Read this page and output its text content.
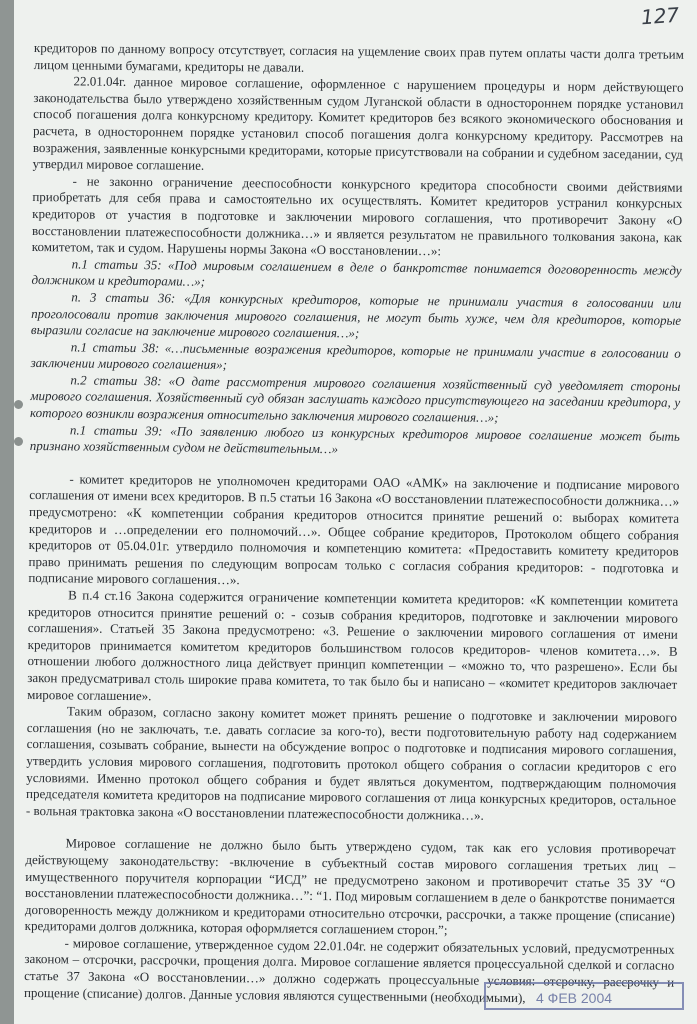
127

кредиторов по данному вопросу отсутствует, согласия на ущемление своих прав путем оплаты части долга третьим лицом ценными бумагами, кредиторы не давали.

22.01.04г. данное мировое соглашение, оформленное с нарушением процедуры и норм действующего законодательства было утверждено хозяйственным судом Луганской области в одностороннем порядке установил способ погашения долга конкурсному кредитору. Комитет кредиторов без всякого экономического обоснования и расчета, в одностороннем порядке установил способ погашения долга конкурсному кредитору. Рассмотрев на возражения, заявленные конкурсными кредиторами, которые присутствовали на собрании и судебном заседании, суд утвердил мировое соглашение.

- не законно ограничение дееспособности конкурсного кредитора способности своими действиями приобретать для себя права и самостоятельно их осуществлять. Комитет кредиторов устранил конкурсных кредиторов от участия в подготовке и заключении мирового соглашения, что противоречит Закону «О восстановлении платежеспособности должника…» и является результатом не правильного толкования закона, как комитетом, так и судом. Нарушены нормы Закона «О восстановлении…»:

п.1 статьи 35: «Под мировым соглашением в деле о банкротстве понимается договоренность между должником и кредиторами…»;

п. 3 статьи 36: «Для конкурсных кредиторов, которые не принимали участия в голосовании или проголосовали против заключения мирового соглашения, не могут быть хуже, чем для кредиторов, которые выразили согласие на заключение мирового соглашения…»;

п.1 статьи 38: «…письменные возражения кредиторов, которые не принимали участие в голосовании о заключении мирового соглашения»;

п.2 статьи 38: «О дате рассмотрения мирового соглашения хозяйственный суд уведомляет стороны мирового соглашения. Хозяйственный суд обязан заслушать каждого присутствующего на заседании кредитора, у которого возникли возражения относительно заключения мирового соглашения…»;

п.1 статьи 39: «По заявлению любого из конкурсных кредиторов мировое соглашение может быть признано хозяйственным судом не действительным…»

- комитет кредиторов не уполномочен кредиторами ОАО «АМК» на заключение и подписание мирового соглашения от имени всех кредиторов. В п.5 статьи 16 Закона «О восстановлении платежеспособности должника…» предусмотрено: «К компетенции собрания кредиторов относится принятие решений о: выборах комитета кредиторов и …определении его полномочий…». Общее собрание кредиторов, Протоколом общего собрания кредиторов от 05.04.01г. утвердило полномочия и компетенцию комитета: «Предоставить комитету кредиторов право принимать решения по следующим вопросам только с согласия собрания кредиторов: - подготовка и подписание мирового соглашения…».

В п.4 ст.16 Закона содержится ограничение компетенции комитета кредиторов: «К компетенции комитета кредиторов относится принятие решений о: - созыв собрания кредиторов, подготовке и заключении мирового соглашения». Статьей 35 Закона предусмотрено: «3. Решение о заключении мирового соглашения от имени кредиторов принимается комитетом кредиторов большинством голосов кредиторов- членов комитета…». В отношении любого должностного лица действует принцип компетенции – «можно то, что разрешено». Если бы закон предусматривал столь широкие права комитета, то так было бы и написано – «комитет кредиторов заключает мировое соглашение».

Таким образом, согласно закону комитет может принять решение о подготовке и заключении мирового соглашения (но не заключать, т.е. давать согласие за кого-то), вести подготовительную работу над содержанием соглашения, созывать собрание, вынести на обсуждение вопрос о подготовке и подписания мирового соглашения, утвердить условия мирового соглашения, подготовить протокол общего собрания о согласии кредиторов с его условиями. Именно протокол общего собрания и будет являться документом, подтверждающим полномочия председателя комитета кредиторов на подписание мирового соглашения от лица конкурсных кредиторов, остальное - вольная трактовка закона «О восстановлении платежеспособности должника…».

Мировое соглашение не должно было быть утверждено судом, так как его условия противоречат действующему законодательству: -включение в субъектный состав мирового соглашения третьих лиц – имущественного поручителя корпорации “ИСД” не предусмотрено законом и противоречит статье 35 ЗУ “О восстановлении платежеспособности должника…”: “1. Под мировым соглашением в деле о банкротстве понимается договоренность между должником и кредиторами относительно отсрочки, рассрочки, а также прощение (списание) кредиторами долгов должника, которая оформляется соглашением сторон.”;

- мировое соглашение, утвержденное судом 22.01.04г. не содержит обязательных условий, предусмотренных законом – отсрочки, рассрочки, прощения долга. Мировое соглашение является процессуальной сделкой и согласно статье 37 Закона «О восстановлении…» должно содержать процессуальные условия: отсрочку, рассрочку и прощение (списание) долгов. Данные условия являются существенными (необходимыми), 4 ФЕВ 2004
